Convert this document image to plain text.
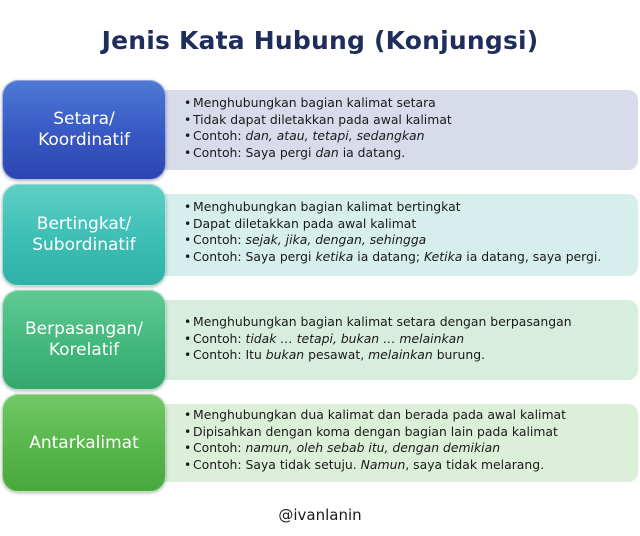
Jenis Kata Hubung (Konjungsi)
• Menghubungkan bagian kalimat setara
• Tidak dapat diletakkan pada awal kalimat
• Contoh: dan, atau, tetapi, sedangkan
• Contoh: Saya pergi dan ia datang.
Setara/
Koordinatif
• Menghubungkan bagian kalimat bertingkat
• Dapat diletakkan pada awal kalimat
• Contoh: sejak, jika, dengan, sehingga
• Contoh: Saya pergi ketika ia datang; Ketika ia datang, saya pergi.
Bertingkat/
Subordinatif
• Menghubungkan bagian kalimat setara dengan berpasangan
• Contoh: tidak … tetapi, bukan … melainkan
• Contoh: Itu bukan pesawat, melainkan burung.
Berpasangan/
Korelatif
• Menghubungkan dua kalimat dan berada pada awal kalimat
• Dipisahkan dengan koma dengan bagian lain pada kalimat
• Contoh: namun, oleh sebab itu, dengan demikian
• Contoh: Saya tidak setuju. Namun, saya tidak melarang.
Antarkalimat
@ivanlanin
